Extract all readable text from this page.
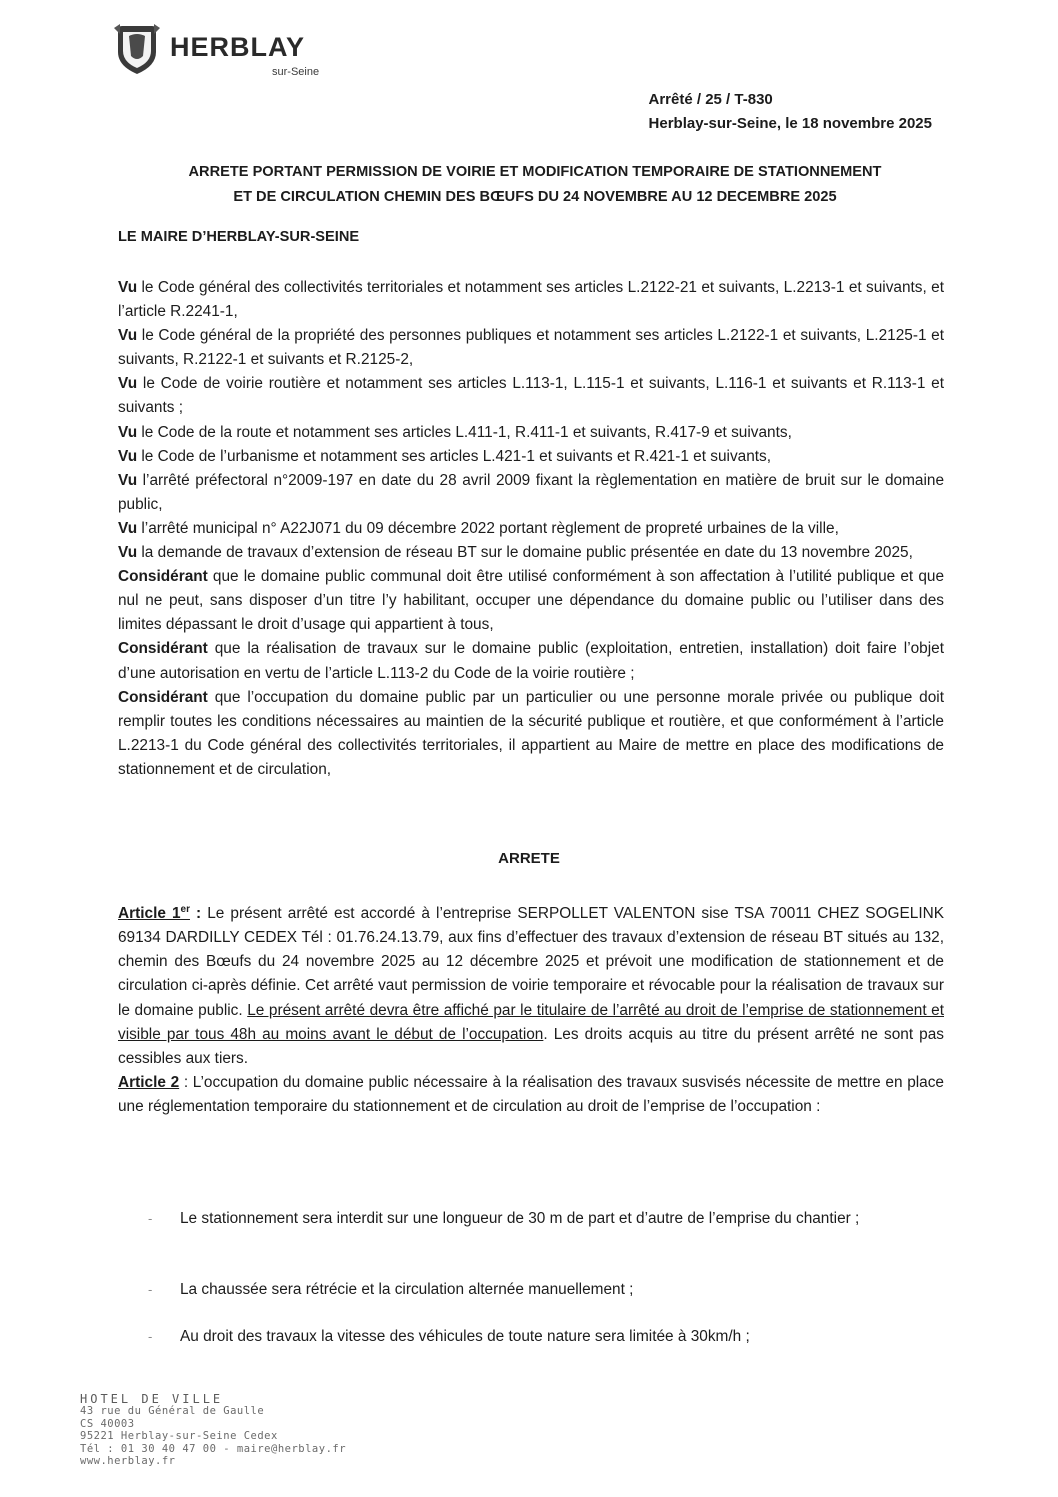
HERBLAY
sur-Seine
Arrêté / 25 / T-830
Herblay-sur-Seine, le 18 novembre 2025
ARRETE PORTANT PERMISSION DE VOIRIE ET MODIFICATION TEMPORAIRE DE STATIONNEMENT
ET DE CIRCULATION CHEMIN DES BŒUFS DU 24 NOVEMBRE AU 12 DECEMBRE 2025
LE MAIRE D’HERBLAY-SUR-SEINE

Vu le Code général des collectivités territoriales et notamment ses articles L.2122-21 et suivants, L.2213-1 et suivants, et l’article R.2241-1,

Vu le Code général de la propriété des personnes publiques et notamment ses articles L.2122-1 et suivants, L.2125-1 et suivants, R.2122-1 et suivants et R.2125-2,

Vu le Code de voirie routière et notamment ses articles L.113-1, L.115-1 et suivants, L.116-1 et suivants et R.113-1 et suivants ;

Vu le Code de la route et notamment ses articles L.411-1, R.411-1 et suivants, R.417-9 et suivants,

Vu le Code de l’urbanisme et notamment ses articles L.421-1 et suivants et R.421-1 et suivants,

Vu l’arrêté préfectoral n°2009-197 en date du 28 avril 2009 fixant la règlementation en matière de bruit sur le domaine public,

Vu l’arrêté municipal n° A22J071 du 09 décembre 2022 portant règlement de propreté urbaines de la ville,

Vu la demande de travaux d’extension de réseau BT sur le domaine public présentée en date du 13 novembre 2025,

Considérant que le domaine public communal doit être utilisé conformément à son affectation à l’utilité publique et que nul ne peut, sans disposer d’un titre l’y habilitant, occuper une dépendance du domaine public ou l’utiliser dans des limites dépassant le droit d’usage qui appartient à tous,

Considérant que la réalisation de travaux sur le domaine public (exploitation, entretien, installation) doit faire l’objet d’une autorisation en vertu de l’article L.113-2 du Code de la voirie routière ;

Considérant que l’occupation du domaine public par un particulier ou une personne morale privée ou publique doit remplir toutes les conditions nécessaires au maintien de la sécurité publique et routière, et que conformément à l’article L.2213-1 du Code général des collectivités territoriales, il appartient au Maire de mettre en place des modifications de stationnement et de circulation,

ARRETE

Article 1er : Le présent arrêté est accordé à l’entreprise SERPOLLET VALENTON sise TSA 70011 CHEZ SOGELINK 69134 DARDILLY CEDEX Tél : 01.76.24.13.79, aux fins d’effectuer des travaux d’extension de réseau BT situés au 132, chemin des Bœufs du 24 novembre 2025 au 12 décembre 2025 et prévoit une modification de stationnement et de circulation ci-après définie. Cet arrêté vaut permission de voirie temporaire et révocable pour la réalisation de travaux sur le domaine public. Le présent arrêté devra être affiché par le titulaire de l’arrêté au droit de l’emprise de stationnement et visible par tous 48h au moins avant le début de l’occupation. Les droits acquis au titre du présent arrêté ne sont pas cessibles aux tiers.

Article 2 : L’occupation du domaine public nécessaire à la réalisation des travaux susvisés nécessite de mettre en place une réglementation temporaire du stationnement et de circulation au droit de l’emprise de l’occupation :

- Le stationnement sera interdit sur une longueur de 30 m de part et d’autre de l’emprise du chantier ;
- La chaussée sera rétrécie et la circulation alternée manuellement ;
- Au droit des travaux la vitesse des véhicules de toute nature sera limitée à 30km/h ;
HOTEL DE VILLE
43 rue du Général de Gaulle
CS 40003
95221 Herblay-sur-Seine Cedex
Tél : 01 30 40 47 00 - maire@herblay.fr
www.herblay.fr
